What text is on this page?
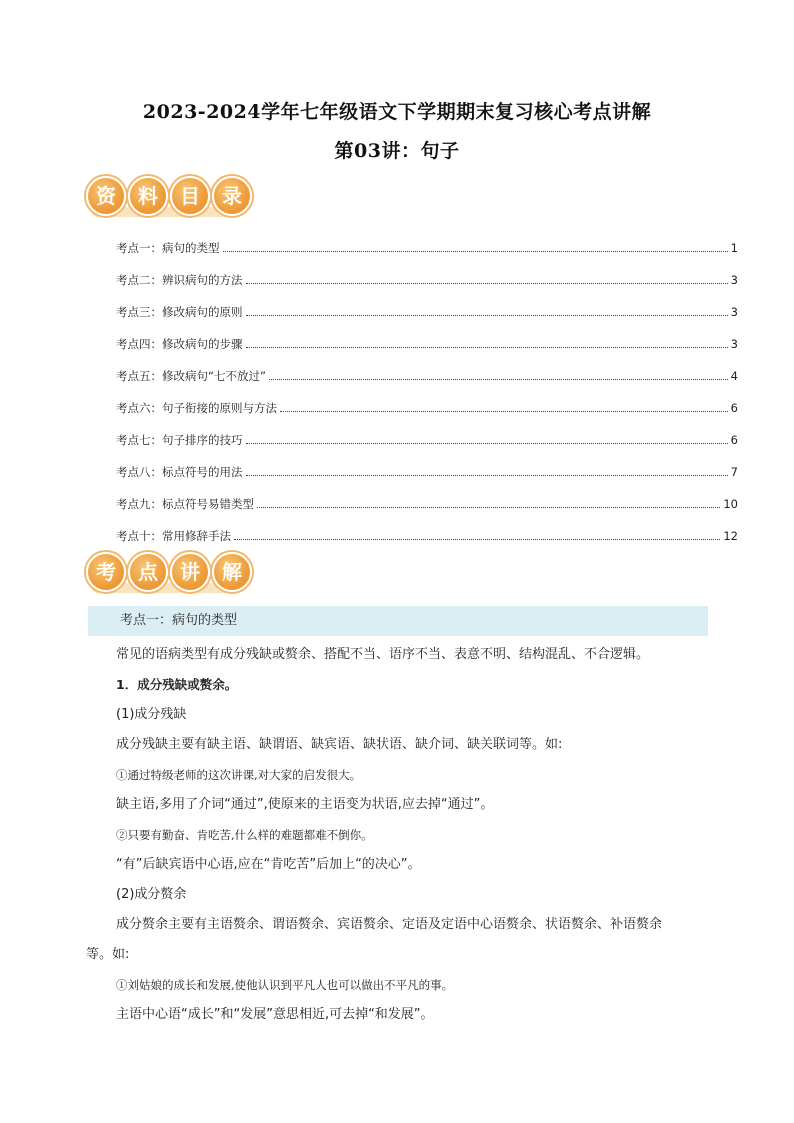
2023-2024学年七年级语文下学期期末复习核心考点讲解
第03讲：句子
资	料	目	录
考点一：病句的类型	1
考点二：辨识病句的方法	3
考点三：修改病句的原则	3
考点四：修改病句的步骤	3
考点五：修改病句“七不放过”	4
考点六：句子衔接的原则与方法	6
考点七：句子排序的技巧	6
考点八：标点符号的用法	7
考点九：标点符号易错类型	10
考点十：常用修辞手法	12
考	点	讲	解
考点一：病句的类型

常见的语病类型有成分残缺或赘余、搭配不当、语序不当、表意不明、结构混乱、不合逻辑。

1．成分残缺或赘余。

(1)成分残缺

成分残缺主要有缺主语、缺谓语、缺宾语、缺状语、缺介词、缺关联词等。如:

①通过特级老师的这次讲课,对大家的启发很大。

缺主语,多用了介词“通过”,使原来的主语变为状语,应去掉“通过”。

②只要有勤奋、肯吃苦,什么样的难题都难不倒你。

“有”后缺宾语中心语,应在“肯吃苦”后加上“的决心”。

(2)成分赘余

成分赘余主要有主语赘余、谓语赘余、宾语赘余、定语及定语中心语赘余、状语赘余、补语赘余

等。如:

①刘姑娘的成长和发展,使他认识到平凡人也可以做出不平凡的事。

主语中心语“成长”和“发展”意思相近,可去掉“和发展”。
